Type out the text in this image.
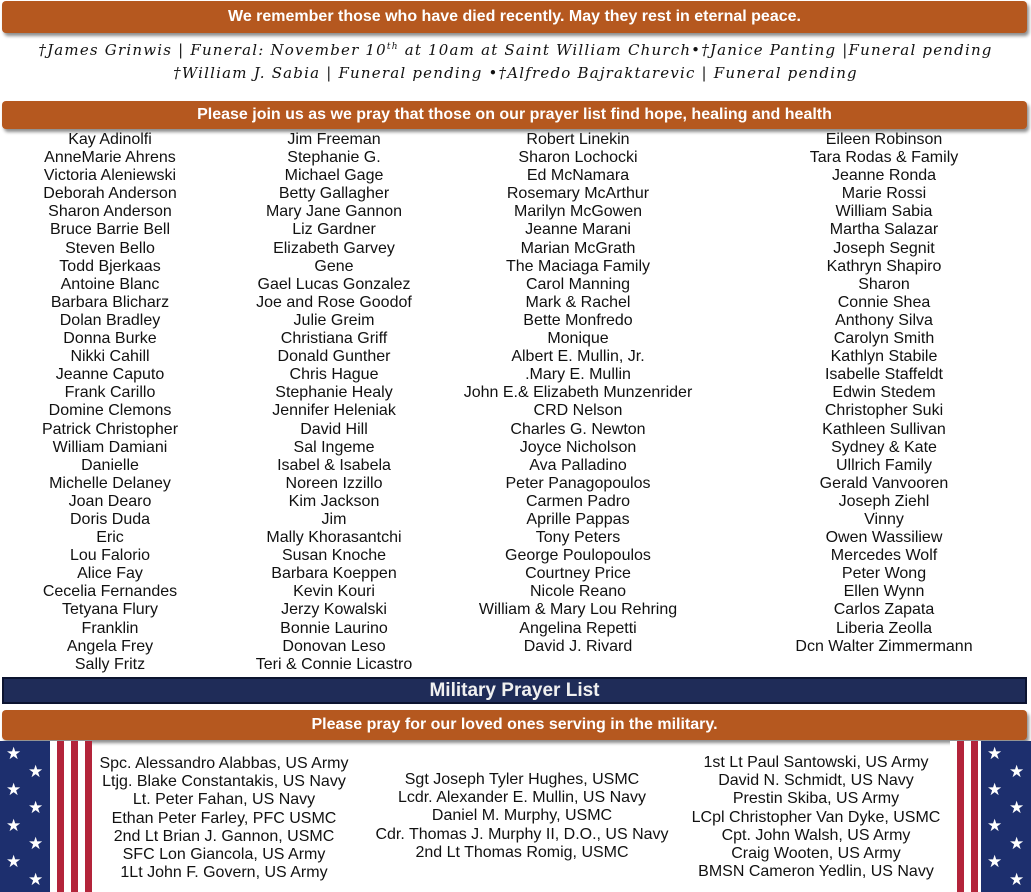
We remember those who have died recently. May they rest in eternal peace.
†James Grinwis | Funeral: November 10th at 10am at Saint William Church•†Janice Panting |Funeral pending
†William J. Sabia | Funeral pending •†Alfredo Bajraktarevic | Funeral pending
Please join us as we pray that those on our prayer list find hope, healing and health
Kay Adinolfi
AnneMarie Ahrens
Victoria Aleniewski
Deborah Anderson
Sharon Anderson
Bruce Barrie Bell
Steven Bello
Todd Bjerkaas
Antoine Blanc
Barbara Blicharz
Dolan Bradley
Donna Burke
Nikki Cahill
Jeanne Caputo
Frank Carillo
Domine Clemons
Patrick Christopher
William Damiani
Danielle
Michelle Delaney
Joan Dearo
Doris Duda
Eric
Lou Falorio
Alice Fay
Cecelia Fernandes
Tetyana Flury
Franklin
Angela Frey
Sally Fritz
Jim Freeman
Stephanie G.
Michael Gage
Betty Gallagher
Mary Jane Gannon
Liz Gardner
Elizabeth Garvey
Gene
Gael Lucas Gonzalez
Joe and Rose Goodof
Julie Greim
Christiana Griff
Donald Gunther
Chris Hague
Stephanie Healy
Jennifer Heleniak
David Hill
Sal Ingeme
Isabel & Isabela
Noreen Izzillo
Kim Jackson
Jim
Mally Khorasantchi
Susan Knoche
Barbara Koeppen
Kevin Kouri
Jerzy Kowalski
Bonnie Laurino
Donovan Leso
Teri & Connie Licastro
Robert Linekin
Sharon Lochocki
Ed McNamara
Rosemary McArthur
Marilyn McGowen
Jeanne Marani
Marian McGrath
The Maciaga Family
Carol Manning
Mark & Rachel
Bette Monfredo
Monique
Albert E. Mullin, Jr.
.Mary E. Mullin
John E.& Elizabeth Munzenrider
CRD Nelson
Charles G. Newton
Joyce Nicholson
Ava Palladino
Peter Panagopoulos
Carmen Padro
Aprille Pappas
Tony Peters
George Poulopoulos
Courtney Price
Nicole Reano
William & Mary Lou Rehring
Angelina Repetti
David J. Rivard
Eileen Robinson
Tara Rodas & Family
Jeanne Ronda
Marie Rossi
William Sabia
Martha Salazar
Joseph Segnit
Kathryn Shapiro
Sharon
Connie Shea
Anthony Silva
Carolyn Smith
Kathlyn Stabile
Isabelle Staffeldt
Edwin Stedem
Christopher Suki
Kathleen Sullivan
Sydney & Kate
Ullrich Family
Gerald Vanvooren
Joseph Ziehl
Vinny
Owen Wassiliew
Mercedes Wolf
Peter Wong
Ellen Wynn
Carlos Zapata
Liberia Zeolla
Dcn Walter Zimmermann
Military Prayer List
Please pray for our loved ones serving in the military.
★
★
★
★
★
★
★
★
★
★
★
★
★
★
★
★
Spc. Alessandro Alabbas, US Army
Ltjg. Blake Constantakis, US Navy
Lt. Peter Fahan, US Navy
Ethan Peter Farley, PFC USMC
2nd Lt Brian J. Gannon, USMC
SFC Lon Giancola, US Army
1Lt John F. Govern, US Army
Sgt Joseph Tyler Hughes, USMC
Lcdr. Alexander E. Mullin, US Navy
Daniel M. Murphy, USMC
Cdr. Thomas J. Murphy II, D.O., US Navy
2nd Lt Thomas Romig, USMC
1st Lt Paul Santowski, US Army
David N. Schmidt, US Navy
Prestin Skiba, US Army
LCpl Christopher Van Dyke, USMC
Cpt. John Walsh, US Army
Craig Wooten, US Army
BMSN Cameron Yedlin, US Navy
